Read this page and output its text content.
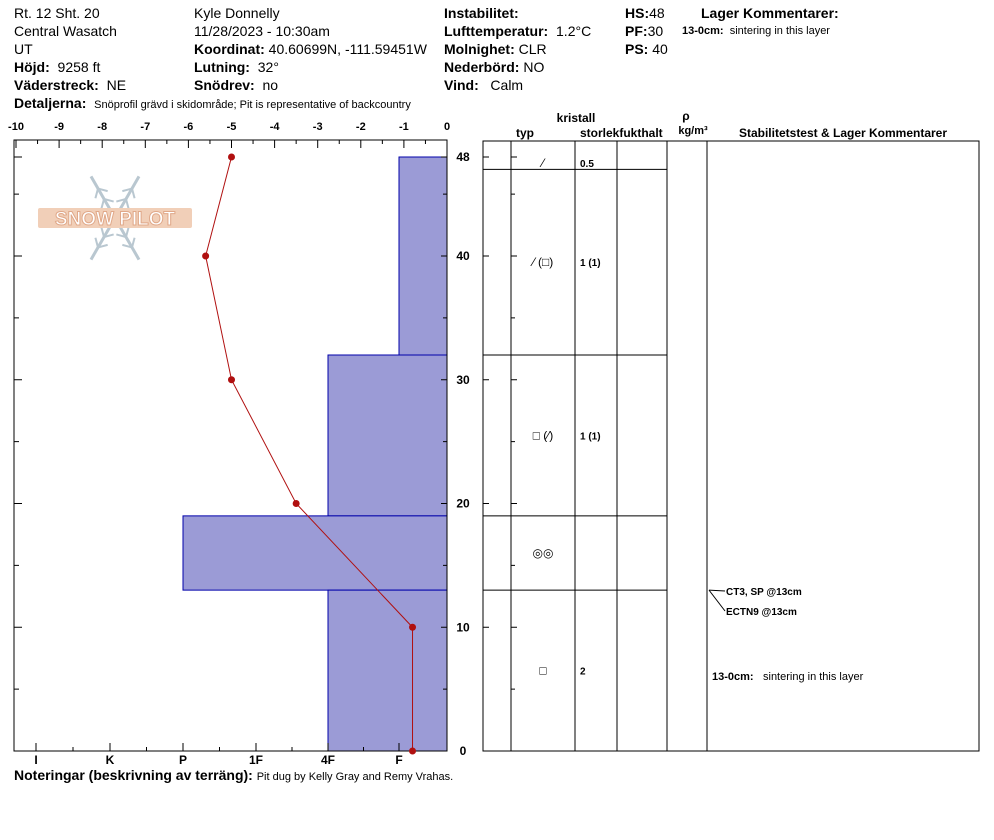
Rt. 12 Sht. 20
Central Wasatch
UT
Höjd: 9258 ft
Väderstreck: NE
Detaljerna: Snöprofil grävd i skidområde; Pit is representative of backcountry
Kyle Donnelly
11/28/2023 - 10:30am
Koordinat: 40.60699N, -111.59451W
Lutning: 32°
Snödrev: no
Instabilitet:
Lufttemperatur: 1.2°C
Molnighet: CLR
Nederbörd: NO
Vind: Calm
HS:48
PF:30
PS: 40
Lager Kommentarer:
13-0cm: sintering in this layer
-10	-9	-8	-7	-6	-5	-4	-3	-2	-1	0
I	K	P	1F	4F	F
0
10
20
30
40
48
SNOW PILOT
kristall
typ	storlek fukthalt
ρ
kg/m³	Stabilitetstest & Lager Kommentarer
⁄	0.5
⁄ (□)	1 (1)
□ (⁄)	1 (1)
◎◎
□	2
CT3, SP @13cm
ECTN9 @13cm
13-0cm: sintering in this layer
Noteringar (beskrivning av terräng): Pit dug by Kelly Gray and Remy Vrahas.
